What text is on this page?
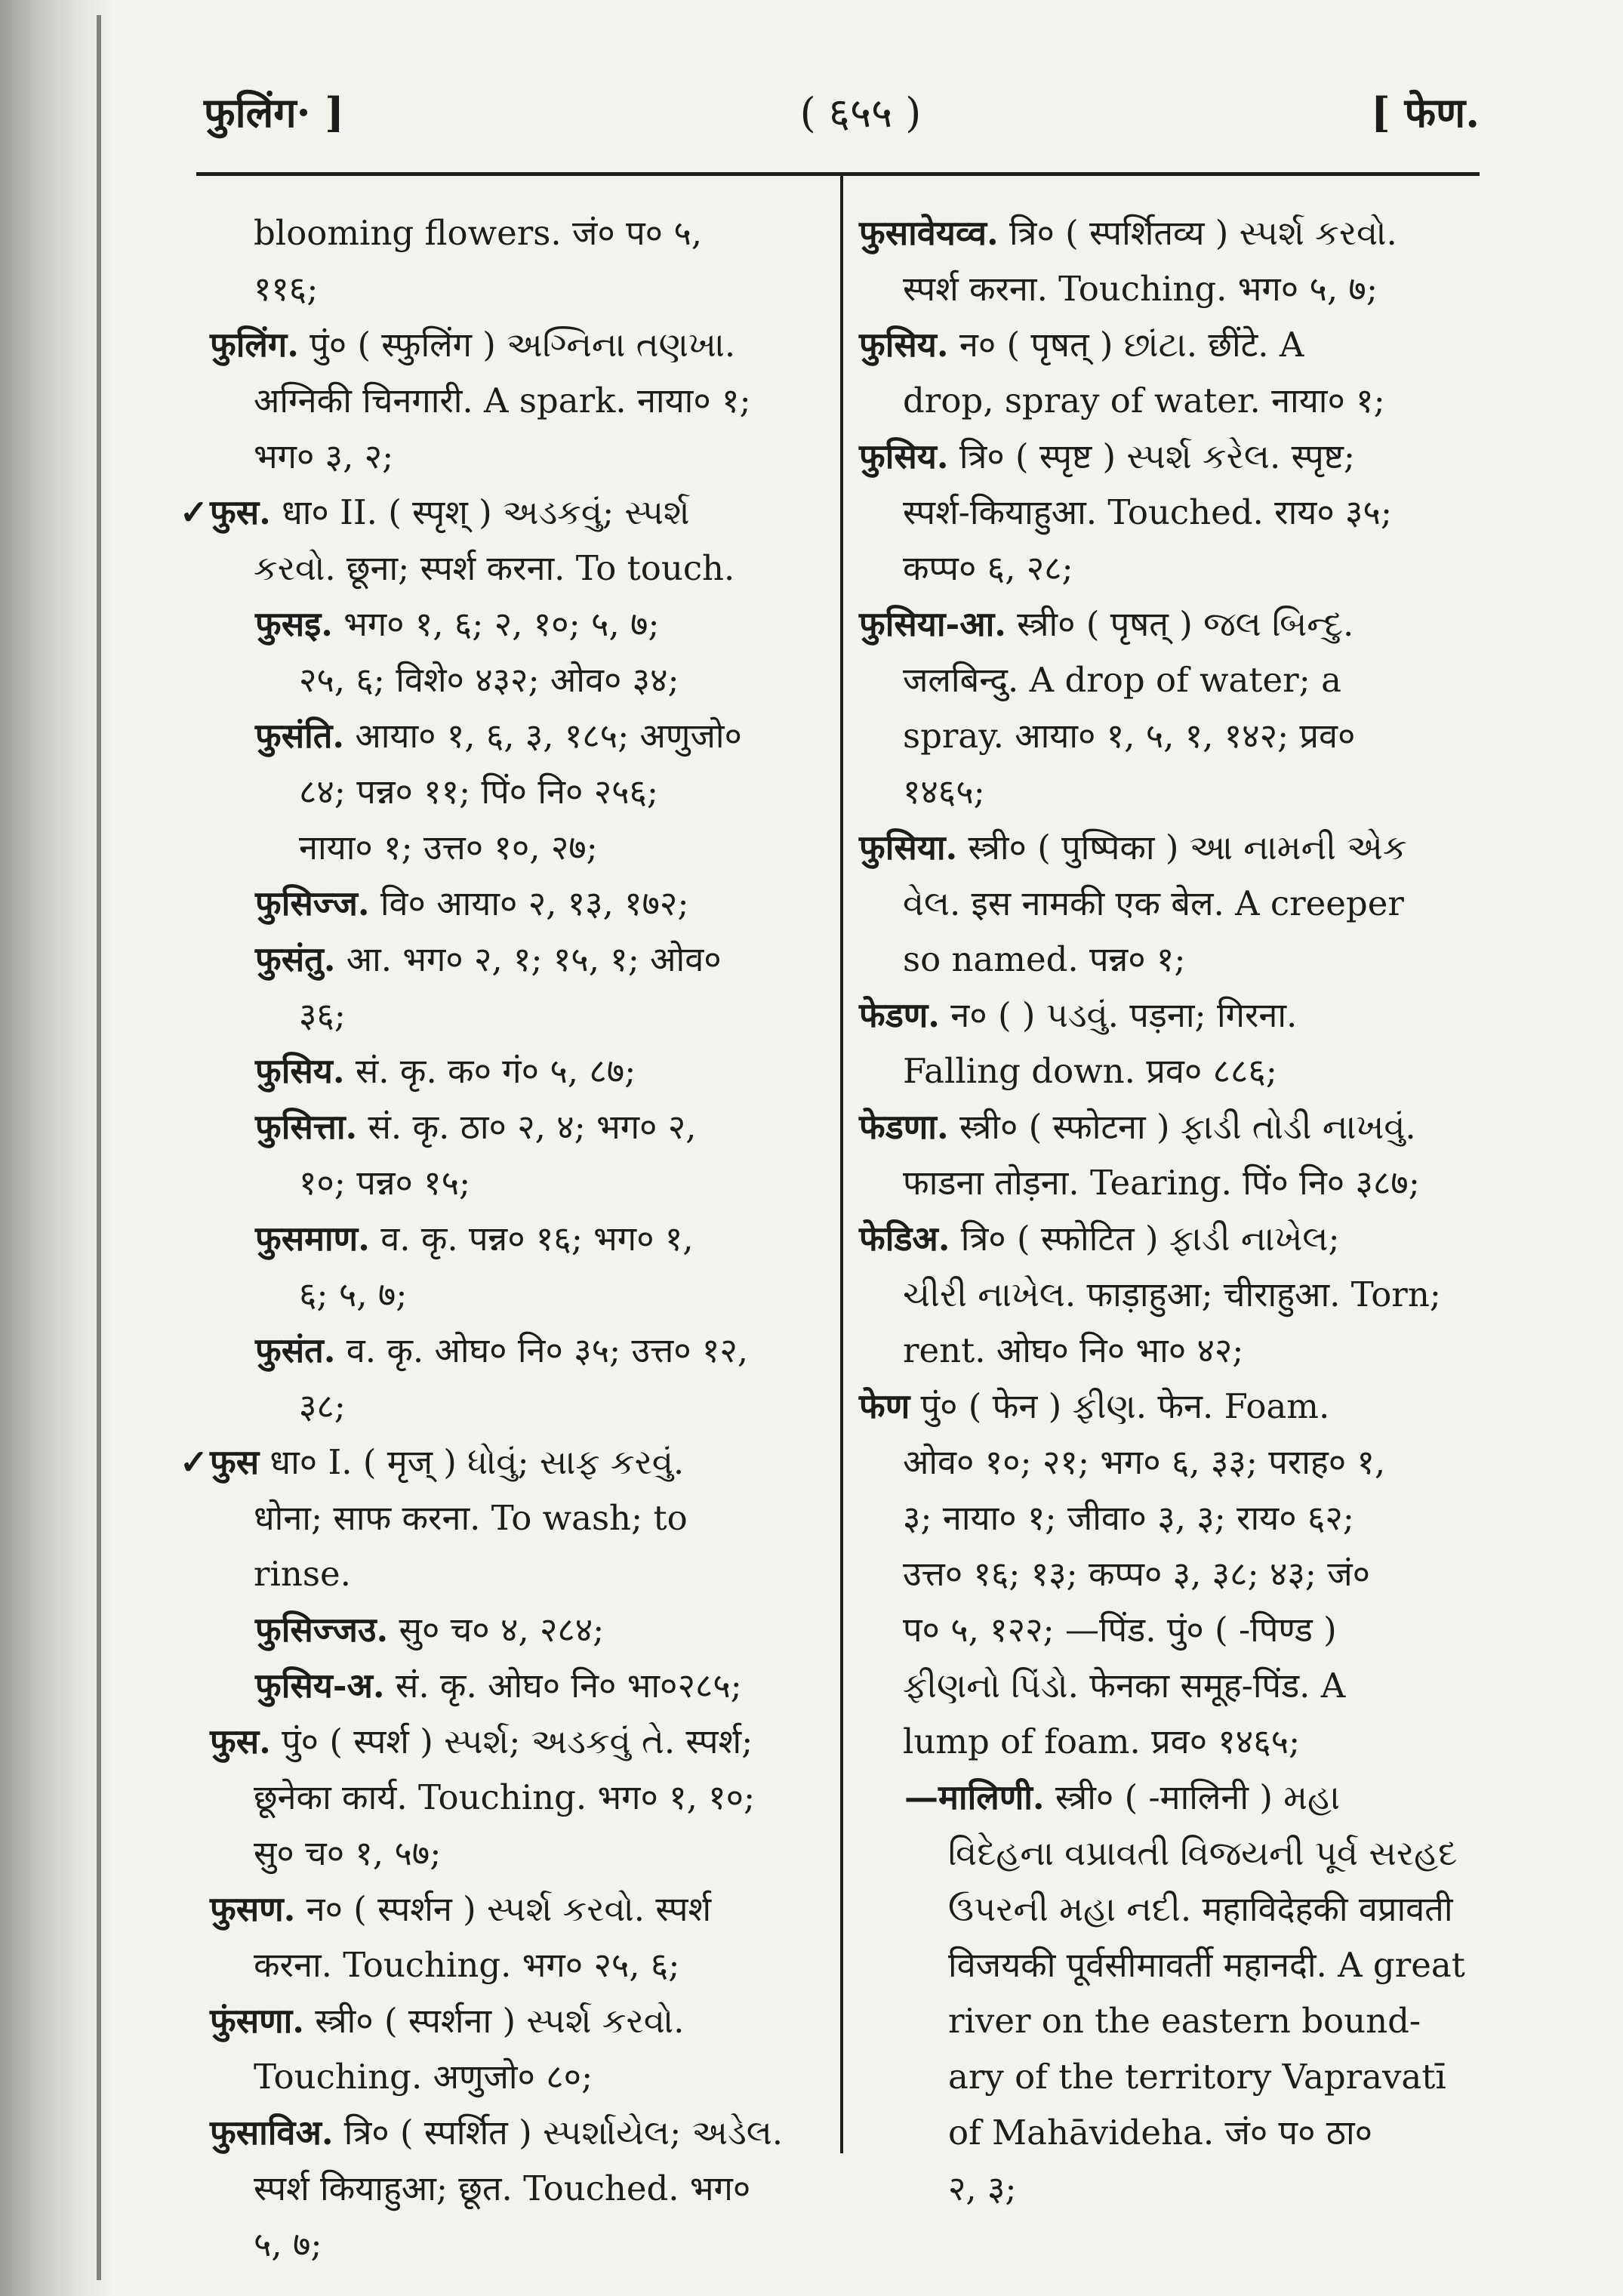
फुलिंग· ]	( ६५५ )	[ फेण.
blooming flowers. जं० प० ५,
११६;
फुलिंग. पुं० ( स्फुलिंग ) અગ્નિના તણખા.
अग्निकी चिनगारी. A spark. नाया० १;
भग० ३, २;
✓ फुस. धा० II. ( स्पृश् ) અડકવું; સ્પર્શ
કરવો. छूना; स्पर्श करना. To touch.
फुसइ. भग० १, ६; २, १०; ५, ७;
२५, ६; विशे० ४३२; ओव० ३४;
फुसंति. आया० १, ६, ३, १८५; अणुजो०
८४; पन्न० ११; पिं० नि० २५६;
नाया० १; उत्त० १०, २७;
फुसिज्ज. वि० आया० २, १३, १७२;
फुसंतु. आ. भग० २, १; १५, १; ओव०
३६;
फुसिय. सं. कृ. क० गं० ५, ८७;
फुसित्ता. सं. कृ. ठा० २, ४; भग० २,
१०; पन्न० १५;
फुसमाण. व. कृ. पन्न० १६; भग० १,
६; ५, ७;
फुसंत. व. कृ. ओघ० नि० ३५; उत्त० १२,
३८;
✓ फुस धा० I. ( मृज् ) ધોવું; સાફ કરવું.
धोना; साफ करना. To wash; to
rinse.
फुसिज्जउ. सु० च० ४, २८४;
फुसिय-अ. सं. कृ. ओघ० नि० भा०२८५;
फुस. पुं० ( स्पर्श ) સ્પર્શ; અડકવું તે. स्पर्श;
छूनेका कार्य. Touching. भग० १, १०;
सु० च० १, ५७;
फुसण. न० ( स्पर्शन ) સ્પર્શ કરવો. स्पर्श
करना. Touching. भग० २५, ६;
फुंसणा. स्त्री० ( स्पर्शना ) સ્પર્શ કરવો.
Touching. अणुजो० ८०;
फुसाविअ. त्रि० ( स्पर्शित ) સ્પર્શાયેલ; અડેલ.
स्पर्श कियाहुआ; छूत. Touched. भग०
५, ७;
फुसावेयव्व. त्रि० ( स्पर्शितव्य ) સ્પર્શ કરવો.
स्पर्श करना. Touching. भग० ५, ७;
फुसिय. न० ( पृषत् ) છાંટા. छींटे. A
drop, spray of water. नाया० १;
फुसिय. त्रि० ( स्पृष्ट ) સ્પર્શ કરેલ. स्पृष्ट;
स्पर्श-कियाहुआ. Touched. राय० ३५;
कप्प० ६, २८;
फुसिया-आ. स्त्री० ( पृषत् ) જલ બિન્દુ.
जलबिन्दु. A drop of water; a
spray. आया० १, ५, १, १४२; प्रव०
१४६५;
फुसिया. स्त्री० ( पुष्पिका ) આ નામની એક
વેલ. इस नामकी एक बेल. A creeper
so named. पन्न० १;
फेडण. न० ( ) પડવું. पड़ना; गिरना.
Falling down. प्रव० ८८६;
फेडणा. स्त्री० ( स्फोटना ) ફાડી તોડી નાખવું.
फाडना तोड़ना. Tearing. पिं० नि० ३८७;
फेडिअ. त्रि० ( स्फोटित ) ફાડી નાખેલ;
ચીરી નાખેલ. फाड़ाहुआ; चीराहुआ. Torn;
rent. ओघ० नि० भा० ४२;
फेण पुं० ( फेन ) ફીણ. फेन. Foam.
ओव० १०; २१; भग० ६, ३३; पराह० १,
३; नाया० १; जीवा० ३, ३; राय० ६२;
उत्त० १६; १३; कप्प० ३, ३८; ४३; जं०
प० ५, १२२; —पिंड. पुं० ( -पिण्ड )
ફીણનો પિંડો. फेनका समूह-पिंड. A
lump of foam. प्रव० १४६५;
—मालिणी. स्त्री० ( -मालिनी ) મહા
વિદેહના વપ્રાવતી વિજયની પૂર્વ સરહદ
ઉપરની મહા નદી. महाविदेहकी वप्रावती
विजयकी पूर्वसीमावर्ती महानदी. A great
river on the eastern bound-
ary of the territory Vapravatī
of Mahāvideha. जं० प० ठा०
२, ३;
